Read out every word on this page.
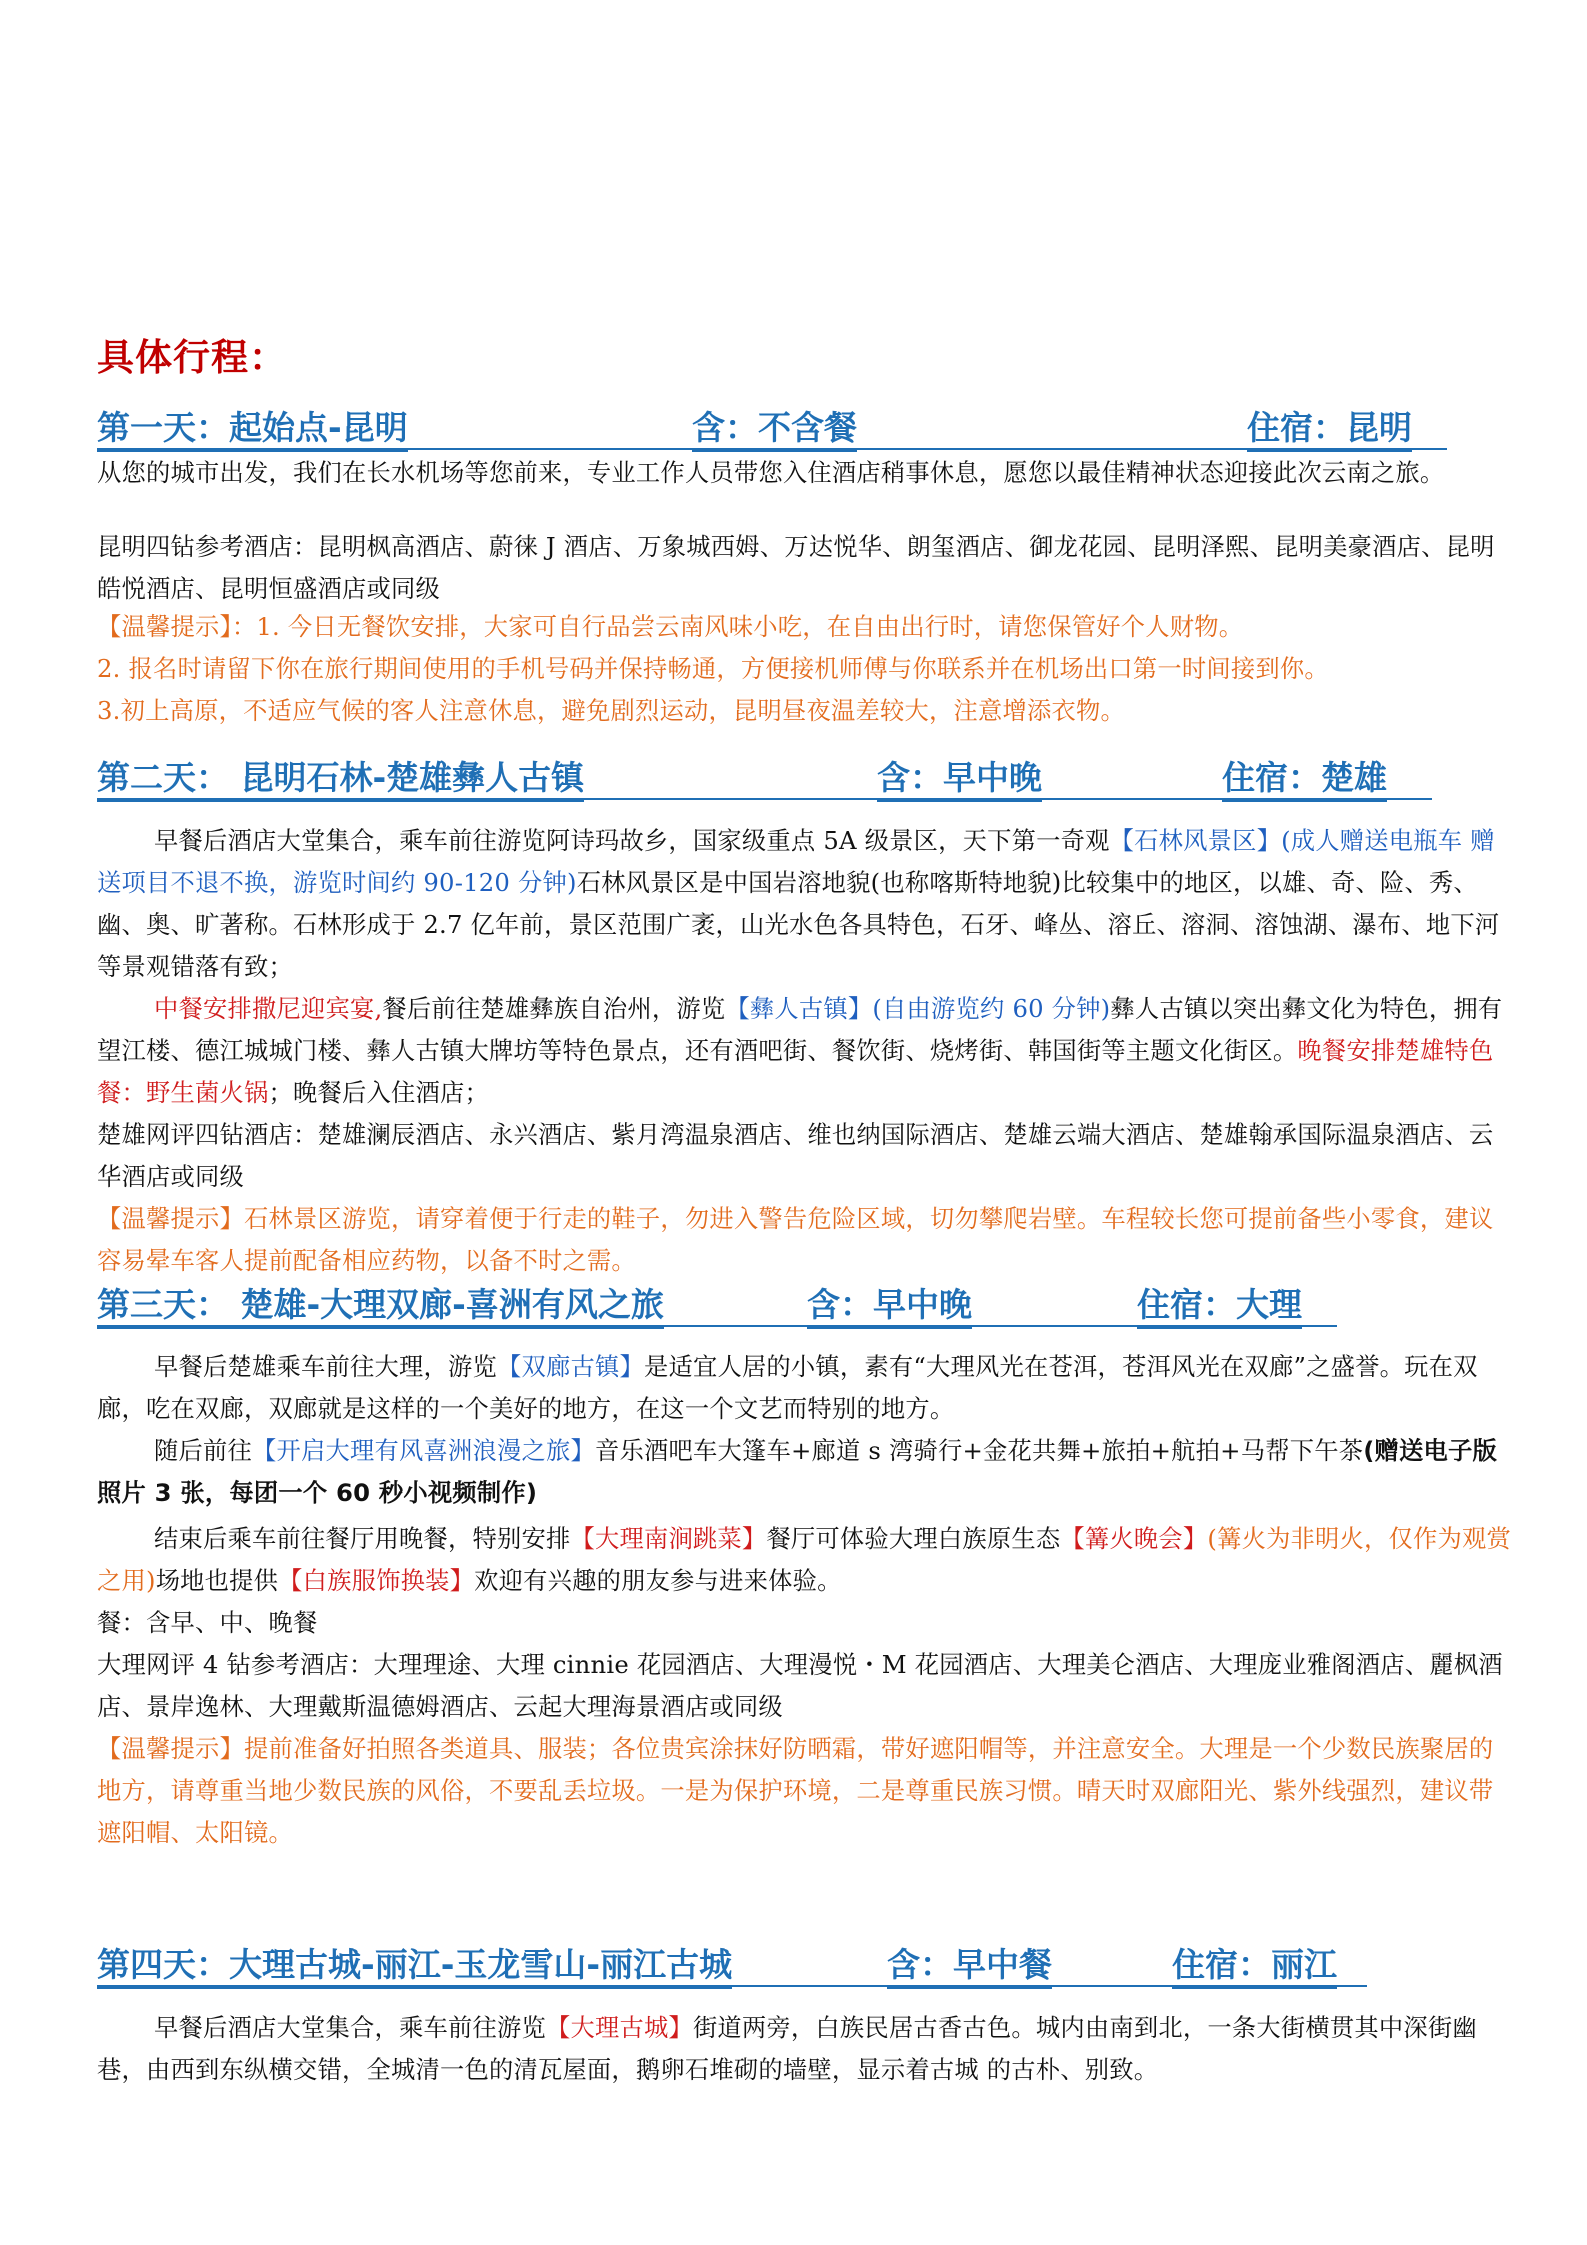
具体行程：
第一天：起始点-昆明	含：不含餐	住宿：昆明
从您的城市出发，我们在长水机场等您前来，专业工作人员带您入住酒店稍事休息，愿您以最佳精神状态迎接此次云南之旅。
昆明四钻参考酒店：昆明枫高酒店、蔚徕 J 酒店、万象城西姆、万达悦华、朗玺酒店、御龙花园、昆明泽熙、昆明美豪酒店、昆明皓悦酒店、昆明恒盛酒店或同级
【温馨提示】：1. 今日无餐饮安排，大家可自行品尝云南风味小吃，在自由出行时，请您保管好个人财物。
2. 报名时请留下你在旅行期间使用的手机号码并保持畅通，方便接机师傅与你联系并在机场出口第一时间接到你。
3.初上高原，不适应气候的客人注意休息，避免剧烈运动，昆明昼夜温差较大，注意增添衣物。
第二天： 昆明石林-楚雄彝人古镇	含：早中晚	住宿：楚雄
早餐后酒店大堂集合，乘车前往游览阿诗玛故乡，国家级重点 5A 级景区，天下第一奇观【石林风景区】(成人赠送电瓶车 赠送项目不退不换，游览时间约 90-120 分钟)石林风景区是中国岩溶地貌(也称喀斯特地貌)比较集中的地区，以雄、奇、险、秀、幽、奥、旷著称。石林形成于 2.7 亿年前，景区范围广袤，山光水色各具特色，石牙、峰丛、溶丘、溶洞、溶蚀湖、瀑布、地下河等景观错落有致；
中餐安排撒尼迎宾宴,餐后前往楚雄彝族自治州，游览【彝人古镇】(自由游览约 60 分钟)彝人古镇以突出彝文化为特色，拥有望江楼、德江城城门楼、彝人古镇大牌坊等特色景点，还有酒吧街、餐饮街、烧烤街、韩国街等主题文化街区。晚餐安排楚雄特色餐：野生菌火锅；晚餐后入住酒店；
楚雄网评四钻酒店：楚雄澜辰酒店、永兴酒店、紫月湾温泉酒店、维也纳国际酒店、楚雄云端大酒店、楚雄翰承国际温泉酒店、云华酒店或同级
【温馨提示】石林景区游览，请穿着便于行走的鞋子，勿进入警告危险区域，切勿攀爬岩壁。车程较长您可提前备些小零食，建议容易晕车客人提前配备相应药物，以备不时之需。
第三天： 楚雄-大理双廊-喜洲有风之旅	含：早中晚	住宿：大理
早餐后楚雄乘车前往大理，游览【双廊古镇】是适宜人居的小镇，素有“大理风光在苍洱，苍洱风光在双廊”之盛誉。玩在双廊，吃在双廊，双廊就是这样的一个美好的地方，在这一个文艺而特别的地方。
随后前往【开启大理有风喜洲浪漫之旅】音乐酒吧车大篷车+廊道 s 湾骑行+金花共舞+旅拍+航拍+马帮下午茶(赠送电子版照片 3 张，每团一个 60 秒小视频制作)
结束后乘车前往餐厅用晚餐，特别安排【大理南涧跳菜】餐厅可体验大理白族原生态【篝火晚会】(篝火为非明火，仅作为观赏之用)场地也提供【白族服饰换装】欢迎有兴趣的朋友参与进来体验。
餐：含早、中、晚餐
大理网评 4 钻参考酒店：大理理途、大理 cinnie 花园酒店、大理漫悦・M 花园酒店、大理美仑酒店、大理庞业雅阁酒店、麗枫酒店、景岸逸林、大理戴斯温德姆酒店、云起大理海景酒店或同级
【温馨提示】提前准备好拍照各类道具、服装；各位贵宾涂抹好防晒霜，带好遮阳帽等，并注意安全。大理是一个少数民族聚居的地方，请尊重当地少数民族的风俗，不要乱丢垃圾。一是为保护环境，二是尊重民族习惯。晴天时双廊阳光、紫外线强烈，建议带遮阳帽、太阳镜。
第四天：大理古城-丽江-玉龙雪山-丽江古城	含：早中餐	住宿：丽江
早餐后酒店大堂集合，乘车前往游览【大理古城】街道两旁，白族民居古香古色。城内由南到北，一条大街横贯其中深街幽巷，由西到东纵横交错，全城清一色的清瓦屋面，鹅卵石堆砌的墙壁，显示着古城 的古朴、别致。
